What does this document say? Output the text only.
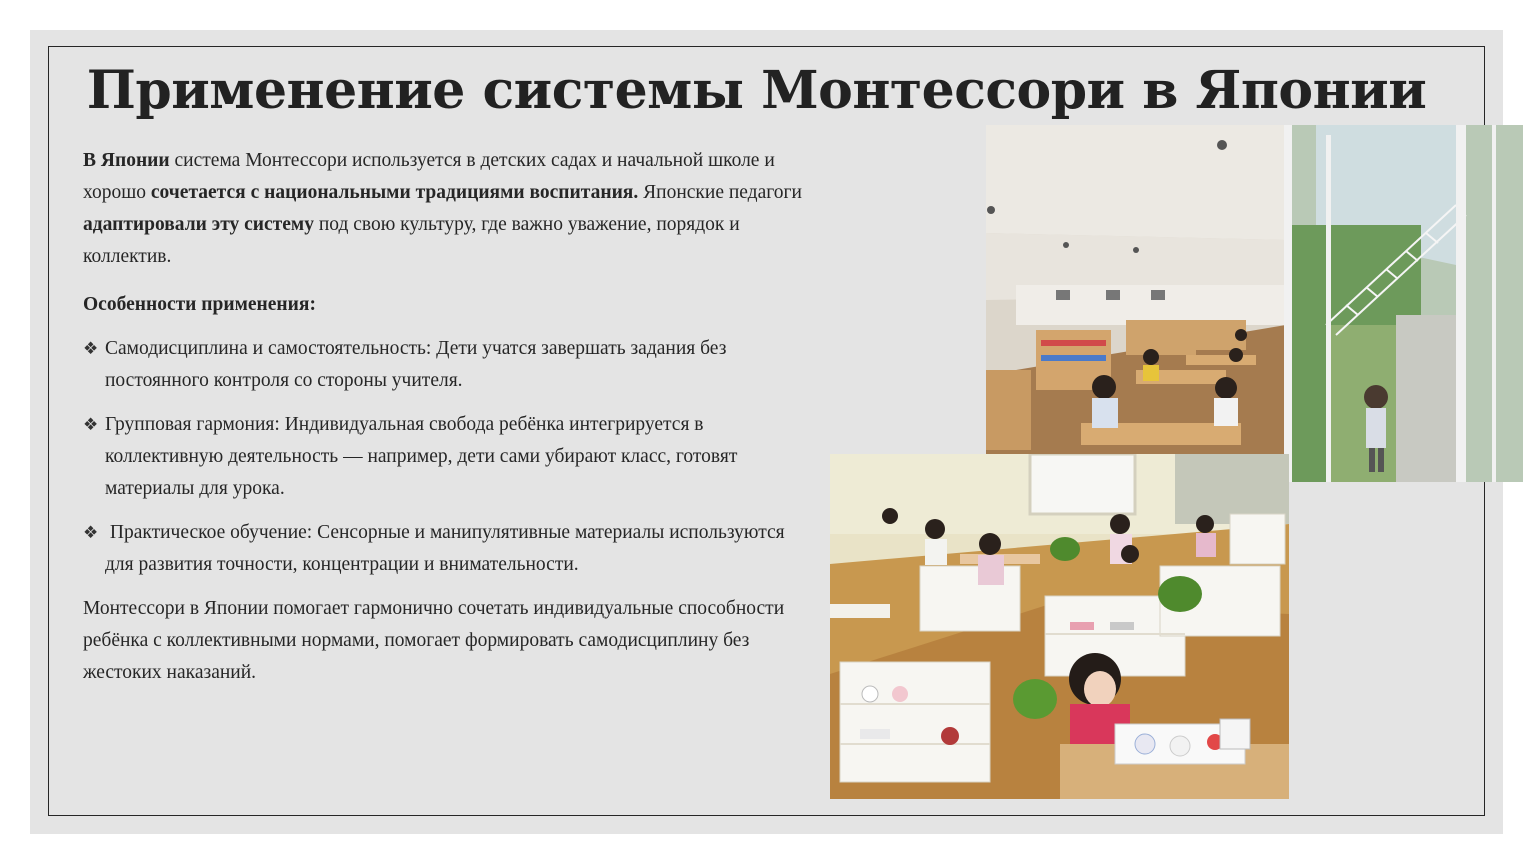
Применение системы Монтессори в Японии

В Японии система Монтессори используется в детских садах и начальной школе и хорошо сочетается с национальными традициями воспитания. Японские педагоги адаптировали эту систему под свою культуру, где важно уважение, порядок и коллектив.

Особенности применения:

❖ Самодисциплина и самостоятельность: Дети учатся завершать задания без постоянного контроля со стороны учителя.
❖ Групповая гармония: Индивидуальная свобода ребёнка интегрируется в коллективную деятельность — например, дети сами убирают класс, готовят материалы для урока.
❖ Практическое обучение: Сенсорные и манипулятивные материалы используются для развития точности, концентрации и внимательности.

Монтессори в Японии помогает гармонично сочетать индивидуальные способности ребёнка с коллективными нормами, помогает формировать самодисциплину без жестоких наказаний.
